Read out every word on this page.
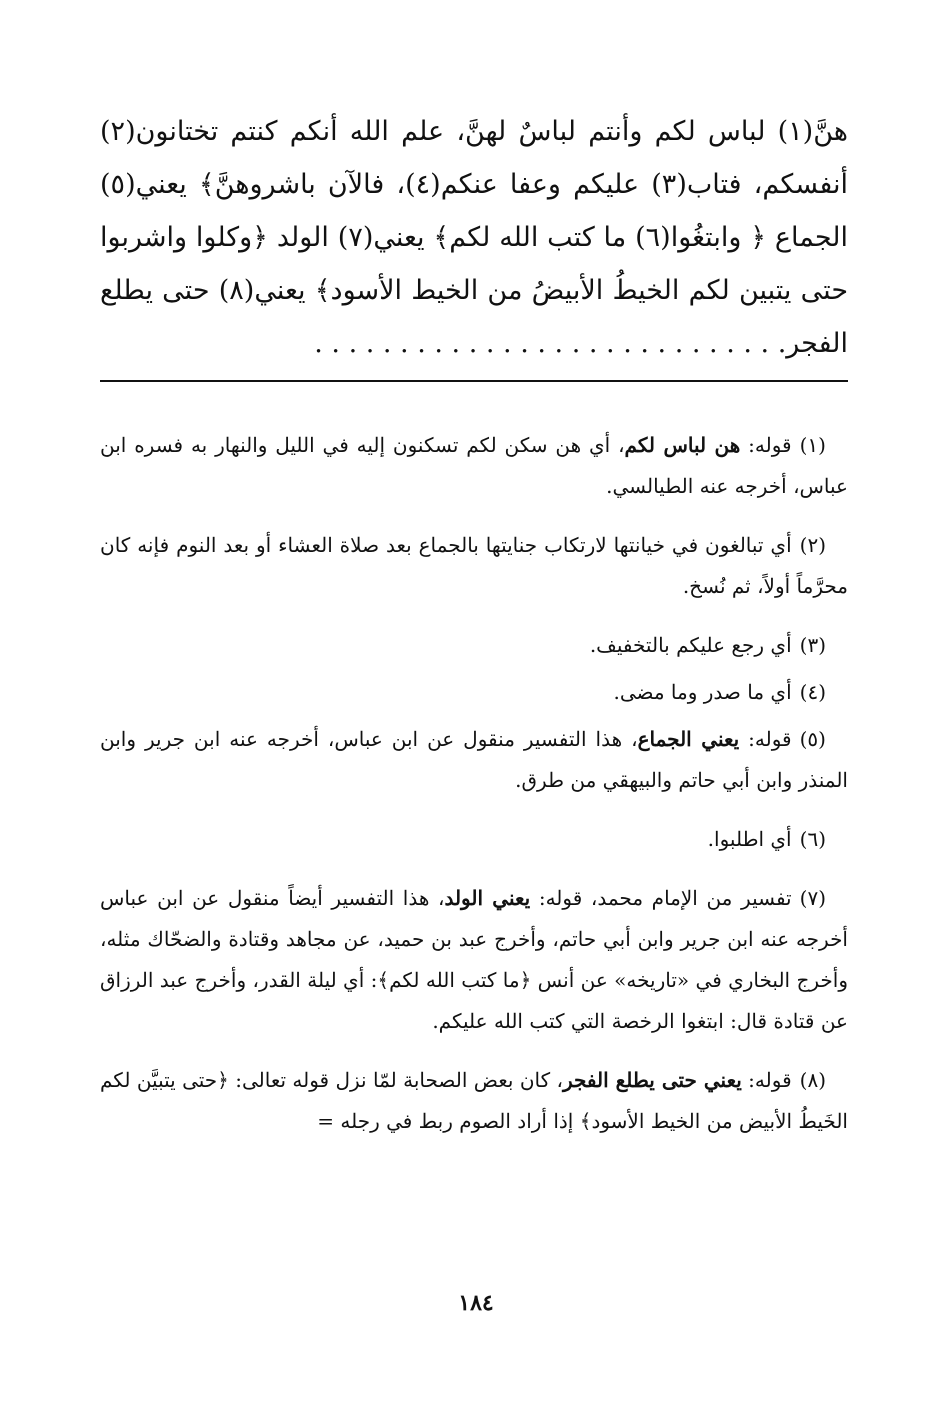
هنَّ(١) لباس لكم وأنتم لباسٌ لهنَّ، علم الله أنكم كنتم تختانون(٢) أنفسكم، فتاب(٣) عليكم وعفا عنكم(٤)، فالآن باشروهنَّ﴾ يعني(٥) الجماع ﴿ وابتغُوا(٦) ما كتب الله لكم﴾ يعني(٧) الولد ﴿وكلوا واشربوا حتى يتبين لكم الخيطُ الأبيضُ من الخيط الأسود﴾ يعني(٨) حتى يطلع الفجر. . . . . . . . . . . . . . . . . . . . . . . . . . . .

(١)قوله: هن لباس لكم، أي هن سكن لكم تسكنون إليه في الليل والنهار به فسره ابن عباس، أخرجه عنه الطيالسي.

(٢)أي تبالغون في خيانتها لارتكاب جنايتها بالجماع بعد صلاة العشاء أو بعد النوم فإنه كان محرَّماً أولاً، ثم نُسخ.

(٣)أي رجع عليكم بالتخفيف.

(٤)أي ما صدر وما مضى.

(٥)قوله: يعني الجماع، هذا التفسير منقول عن ابن عباس، أخرجه عنه ابن جرير وابن المنذر وابن أبي حاتم والبيهقي من طرق.

(٦)أي اطلبوا.

(٧)تفسير من الإمام محمد، قوله: يعني الولد، هذا التفسير أيضاً منقول عن ابن عباس أخرجه عنه ابن جرير وابن أبي حاتم، وأخرج عبد بن حميد، عن مجاهد وقتادة والضحّاك مثله، وأخرج البخاري في «تاريخه» عن أنس ﴿ما كتب الله لكم﴾: أي ليلة القدر، وأخرج عبد الرزاق عن قتادة قال: ابتغوا الرخصة التي كتب الله عليكم.

(٨)قوله: يعني حتى يطلع الفجر، كان بعض الصحابة لمّا نزل قوله تعالى: ﴿حتى يتبيَّن لكم الخَيطُ الأبيض من الخيط الأسود﴾ إذا أراد الصوم ربط في رجله =

١٨٤
